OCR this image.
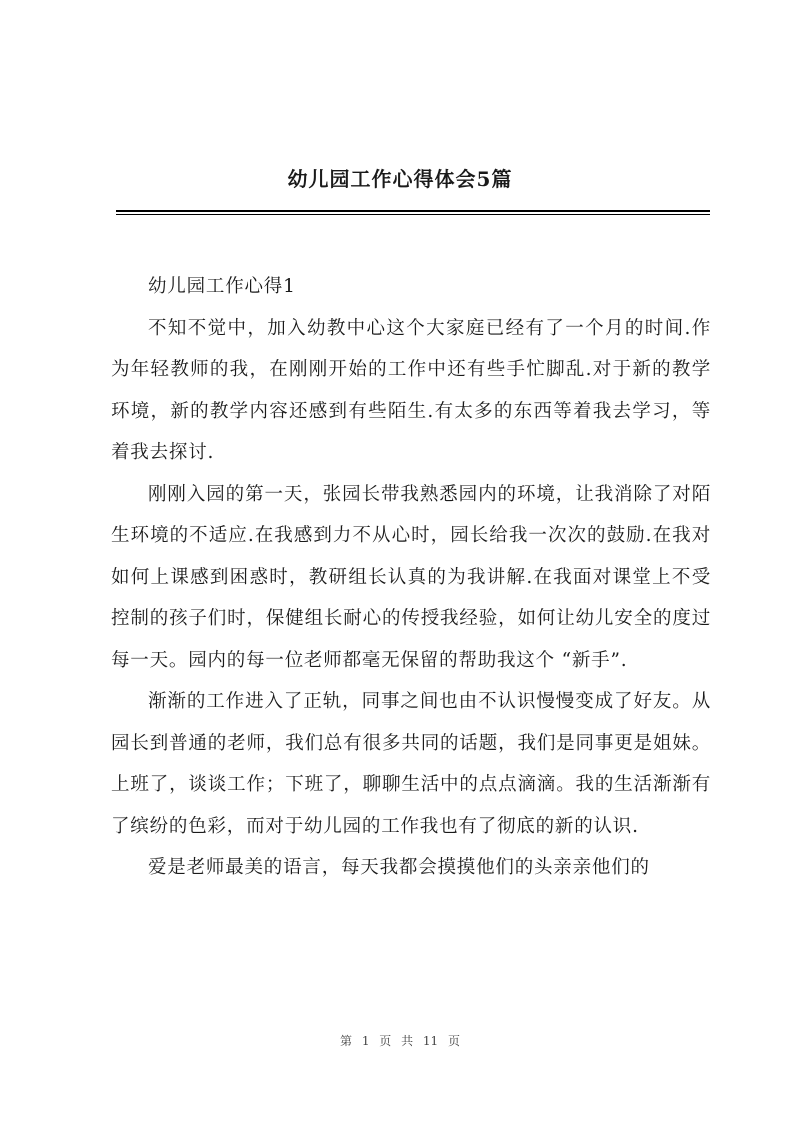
幼儿园工作心得体会5篇

幼儿园工作心得1

不知不觉中，加入幼教中心这个大家庭已经有了一个月的时间.作为年轻教师的我，在刚刚开始的工作中还有些手忙脚乱.对于新的教学环境，新的教学内容还感到有些陌生.有太多的东西等着我去学习，等着我去探讨.

刚刚入园的第一天，张园长带我熟悉园内的环境，让我消除了对陌生环境的不适应.在我感到力不从心时，园长给我一次次的鼓励.在我对如何上课感到困惑时，教研组长认真的为我讲解.在我面对课堂上不受控制的孩子们时，保健组长耐心的传授我经验，如何让幼儿安全的度过每一天。园内的每一位老师都毫无保留的帮助我这个 “新手”.

渐渐的工作进入了正轨，同事之间也由不认识慢慢变成了好友。从园长到普通的老师，我们总有很多共同的话题，我们是同事更是姐妹。上班了，谈谈工作；下班了，聊聊生活中的点点滴滴。我的生活渐渐有了缤纷的色彩，而对于幼儿园的工作我也有了彻底的新的认识.

爱是老师最美的语言，每天我都会摸摸他们的头亲亲他们的

第 1 页 共 11 页
